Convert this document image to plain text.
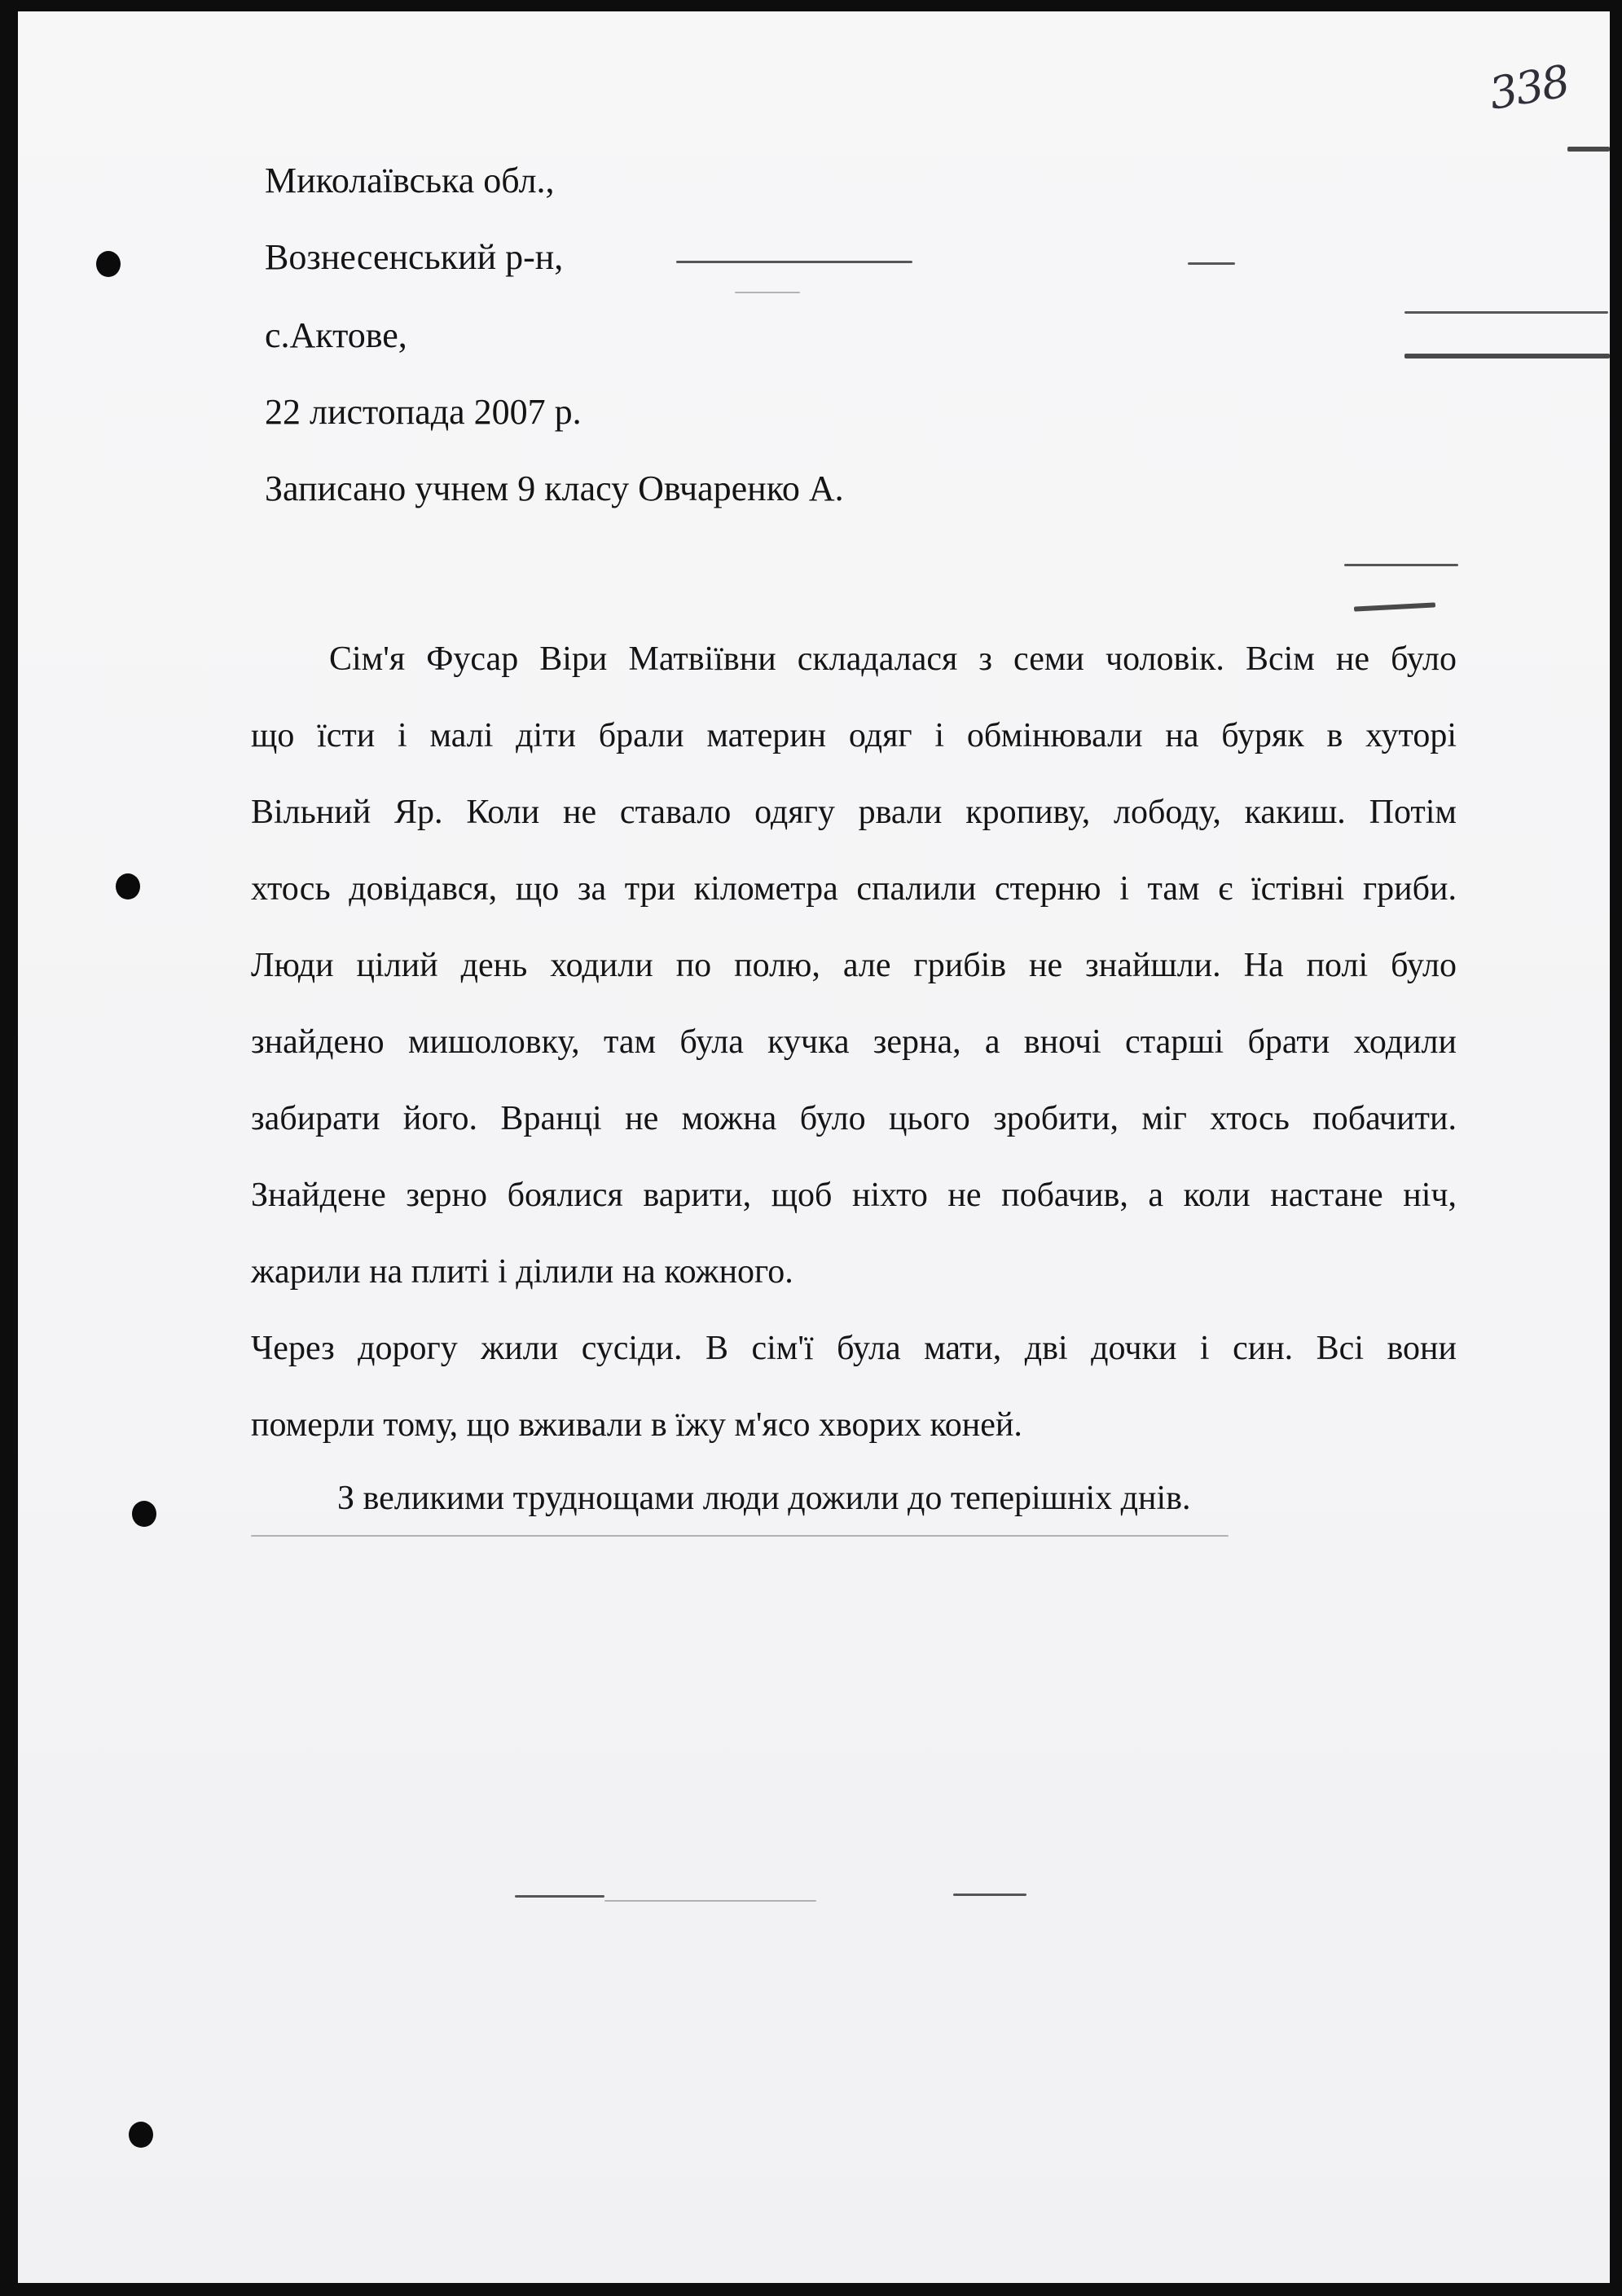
338

Миколаївська обл.,

Вознесенський р-н,

с.Актове,

22 листопада 2007 р.

Записано учнем 9 класу Овчаренко А.

Сім'я Фусар Віри Матвіївни складалася з семи чоловік. Всім не було

що їсти і малі діти брали материн одяг і обмінювали на буряк в хуторі

Вільний Яр. Коли не ставало одягу рвали кропиву, лободу, какиш. Потім

хтось довідався, що за три кілометра спалили стерню і там є їстівні гриби.

Люди цілий день ходили по полю, але грибів не знайшли. На полі було

знайдено мишоловку, там була кучка зерна, а вночі старші брати ходили

забирати його. Вранці не можна було цього зробити, міг хтось побачити.

Знайдене зерно боялися варити, щоб ніхто не побачив, а коли настане ніч,

жарили на плиті і ділили на кожного.

Через дорогу жили сусіди. В сім'ї була мати, дві дочки і син. Всі вони

померли тому, що вживали в їжу м'ясо хворих коней.

З великими труднощами люди дожили до теперішніх днів.
